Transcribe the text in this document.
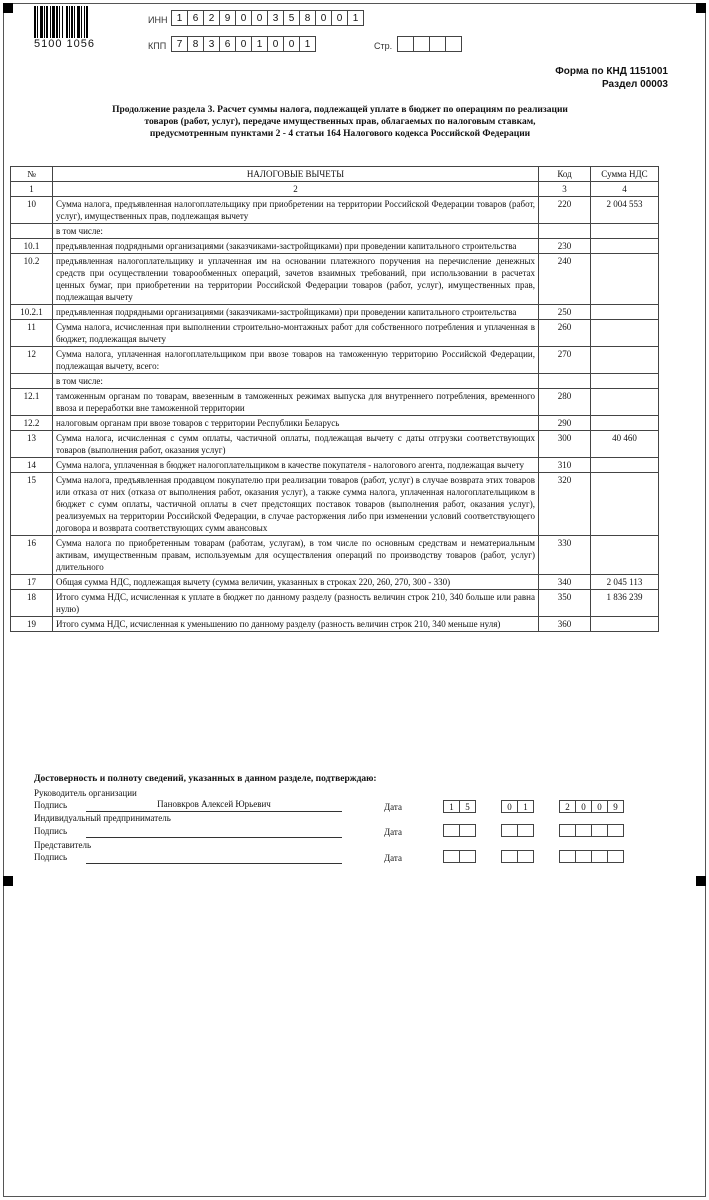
5100 1056
ИНН 1	6	2	9	0	0	3	5	8	0	0	1
КПП	7	8	3	6	0	1	0	0	1	Стр.
Форма по КНД 1151001
Раздел 00003
Продолжение раздела 3. Расчет суммы налога, подлежащей уплате в бюджет по операциям по реализации товаров (работ, услуг), передаче имущественных прав, облагаемых по налоговым ставкам, предусмотренным пунктами 2 - 4 статьи 164 Налогового кодекса Российской Федерации
№	НАЛОГОВЫЕ ВЫЧЕТЫ	Код	Сумма НДС
1	2	3	4
10	Сумма налога, предъявленная налогоплательщику при приобретении на территории Российской Федерации товаров (работ, услуг), имущественных прав, подлежащая вычету	220	2 004 553
	в том числе:		
10.1	предъявленная подрядными организациями (заказчиками-застройщиками) при проведении капитального строительства	230	
10.2	предъявленная налогоплательщику и уплаченная им на основании платежного поручения на перечисление денежных средств при осуществлении товарообменных операций, зачетов взаимных требований, при использовании в расчетах ценных бумаг, при приобретении на территории Российской Федерации товаров (работ, услуг), имущественных прав, подлежащая вычету	240	
10.2.1	предъявленная подрядными организациями (заказчиками-застройщиками) при проведении капитального строительства	250	
11	Сумма налога, исчисленная при выполнении строительно-монтажных работ для собственного потребления и уплаченная в бюджет, подлежащая вычету	260	
12	Сумма налога, уплаченная налогоплательщиком при ввозе товаров на таможенную территорию Российской Федерации, подлежащая вычету, всего:	270	
	в том числе:		
12.1	таможенным органам по товарам, ввезенным в таможенных режимах выпуска для внутреннего потребления, временного ввоза и переработки вне таможенной территории	280	
12.2	налоговым органам при ввозе товаров с территории Республики Беларусь	290	
13	Сумма налога, исчисленная с сумм оплаты, частичной оплаты, подлежащая вычету с даты отгрузки соответствующих товаров (выполнения работ, оказания услуг)	300	40 460
14	Сумма налога, уплаченная в бюджет налогоплательщиком в качестве покупателя - налогового агента, подлежащая вычету	310	
15	Сумма налога, предъявленная продавцом покупателю при реализации товаров (работ, услуг) в случае возврата этих товаров или отказа от них (отказа от выполнения работ, оказания услуг), а также сумма налога, уплаченная налогоплательщиком в бюджет с сумм оплаты, частичной оплаты в счет предстоящих поставок товаров (выполнения работ, оказания услуг), реализуемых на территории Российской Федерации, в случае расторжения либо при изменении условий соответствующего договора и возврата соответствующих сумм авансовых	320	
16	Сумма налога по приобретенным товарам (работам, услугам), в том числе по основным средствам и нематериальным активам, имущественным правам, используемым для осуществления операций по производству товаров (работ, услуг) длительного	330	
17	Общая сумма НДС, подлежащая вычету (сумма величин, указанных в строках 220, 260, 270, 300 - 330)	340	2 045 113
18	Итого сумма НДС, исчисленная к уплате в бюджет по данному разделу (разность величин строк 210, 340 больше или равна нулю)	350	1 836 239
19	Итого сумма НДС, исчисленная к уменьшению по данному разделу (разность величин строк 210, 340 меньше нуля)	360	
Достоверность и полноту сведений, указанных в данном разделе, подтверждаю:
Руководитель организации
Подпись	Пановкров Алексей Юрьевич	Дата	1	5	0	1	2	0	0	9
Индивидуальный предприниматель
Подпись	Дата
Представитель
Подпись	Дата
